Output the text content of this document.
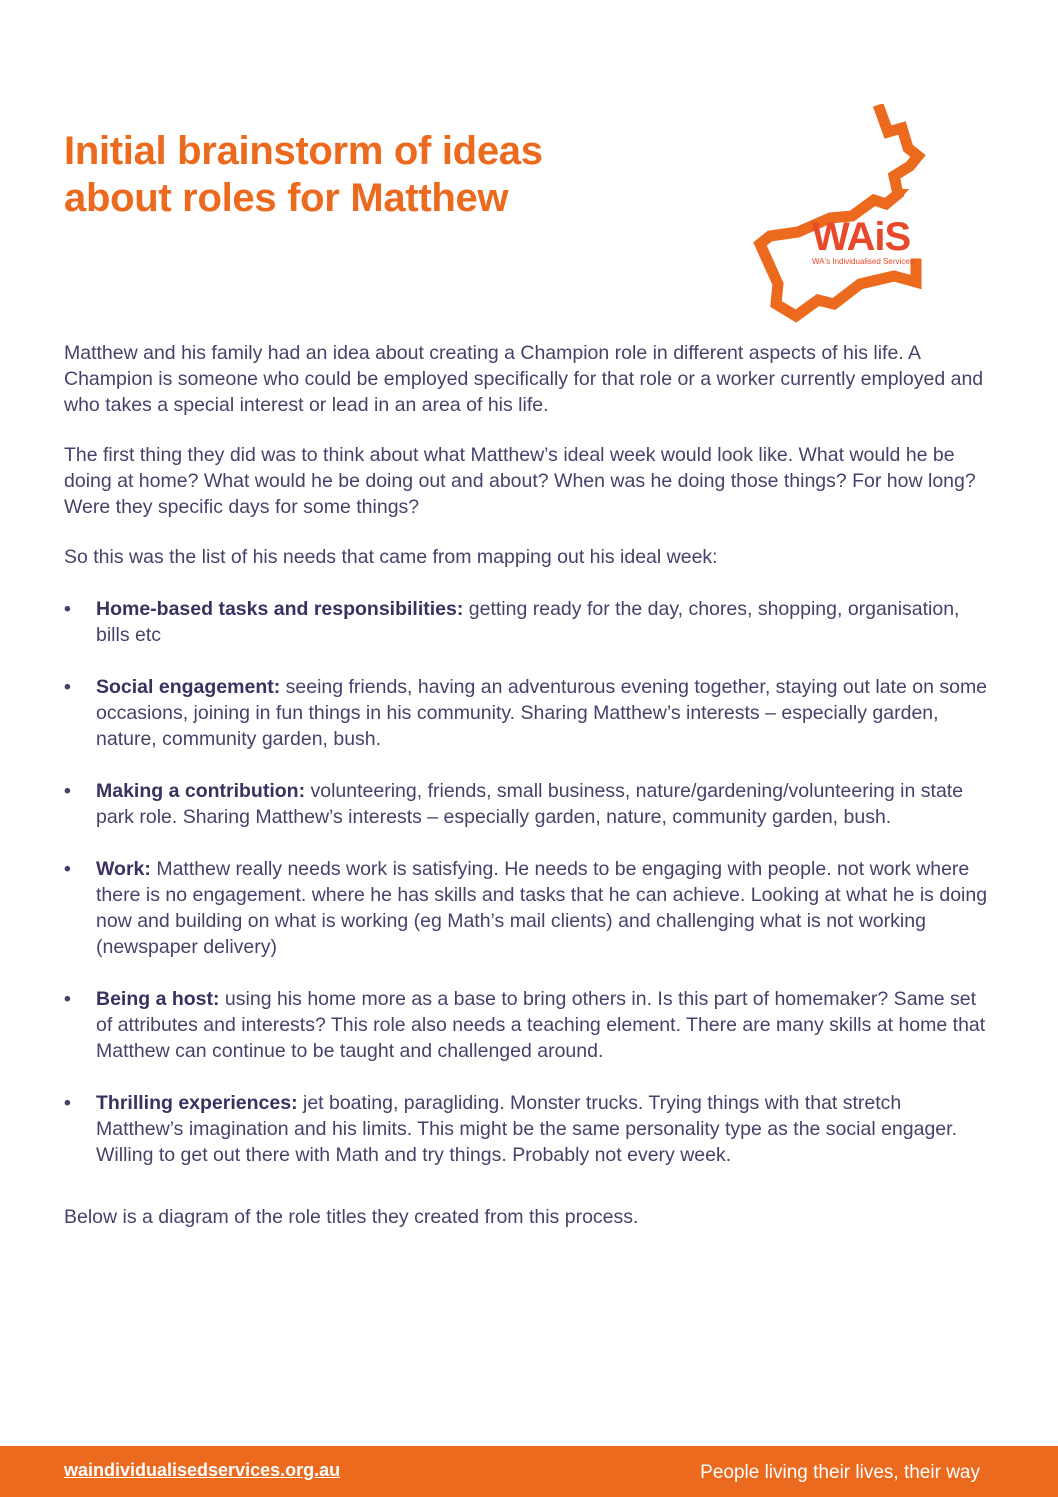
Initial brainstorm of ideas
about roles for Matthew
WAiS
WA's Individualised Services

Matthew and his family had an idea about creating a Champion role in different aspects of his life. A Champion is someone who could be employed specifically for that role or a worker currently employed and who takes a special interest or lead in an area of his life.

The first thing they did was to think about what Matthew’s ideal week would look like. What would he be doing at home? What would he be doing out and about? When was he doing those things? For how long? Were they specific days for some things?

So this was the list of his needs that came from mapping out his ideal week:

• Home-based tasks and responsibilities: getting ready for the day, chores, shopping, organisation, bills etc
• Social engagement: seeing friends, having an adventurous evening together, staying out late on some occasions, joining in fun things in his community. Sharing Matthew’s interests – especially garden, nature, community garden, bush.
• Making a contribution: volunteering, friends, small business, nature/gardening/volunteering in state park role. Sharing Matthew’s interests – especially garden, nature, community garden, bush.
• Work: Matthew really needs work is satisfying. He needs to be engaging with people. not work where there is no engagement. where he has skills and tasks that he can achieve. Looking at what he is doing now and building on what is working (eg Math’s mail clients) and challenging what is not working (newspaper delivery)
• Being a host: using his home more as a base to bring others in. Is this part of homemaker? Same set of attributes and interests? This role also needs a teaching element. There are many skills at home that Matthew can continue to be taught and challenged around.
• Thrilling experiences: jet boating, paragliding. Monster trucks. Trying things with that stretch Matthew’s imagination and his limits. This might be the same personality type as the social engager. Willing to get out there with Math and try things. Probably not every week.

Below is a diagram of the role titles they created from this process.

waindividualisedservices.org.au	People living their lives, their way
